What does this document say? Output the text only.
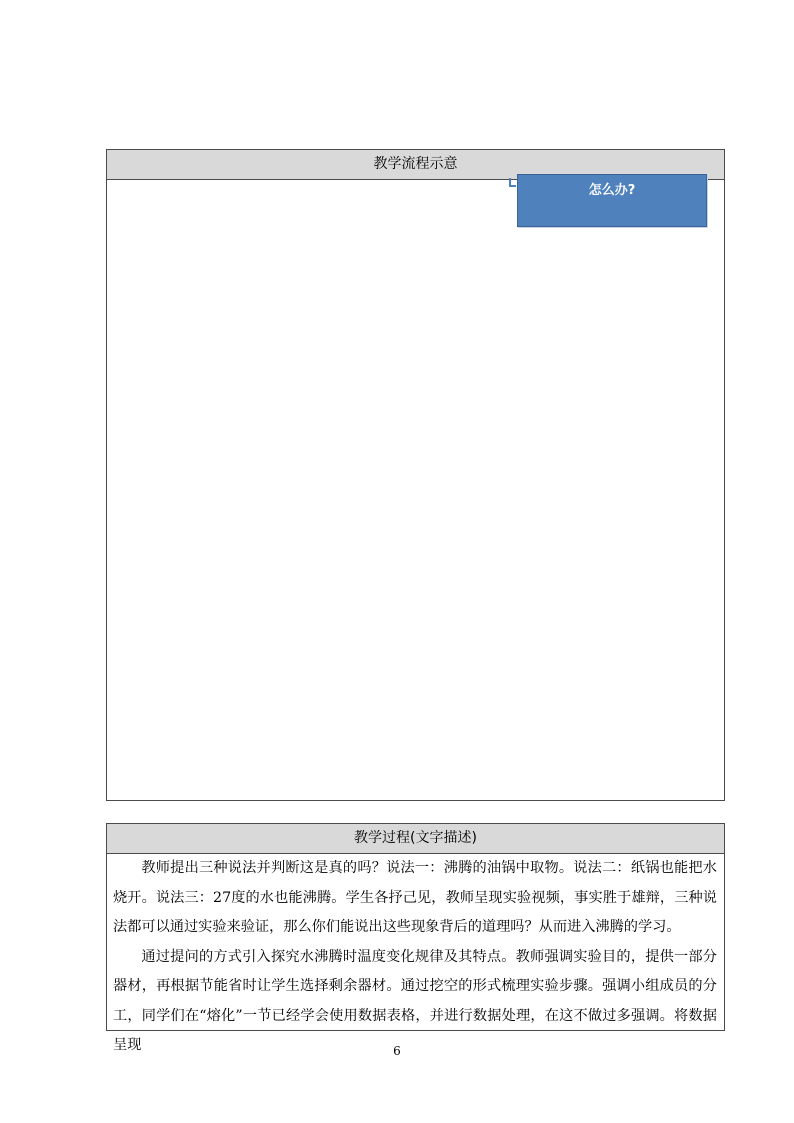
教学流程示意
怎么办?
教学过程(文字描述)

教师提出三种说法并判断这是真的吗？说法一：沸腾的油锅中取物。说法二：纸锅也能把水烧开。说法三：27度的水也能沸腾。学生各抒己见，教师呈现实验视频，事实胜于雄辩，三种说法都可以通过实验来验证，那么你们能说出这些现象背后的道理吗？从而进入沸腾的学习。

通过提问的方式引入探究水沸腾时温度变化规律及其特点。教师强调实验目的，提供一部分器材，再根据节能省时让学生选择剩余器材。通过挖空的形式梳理实验步骤。强调小组成员的分工，同学们在“熔化”一节已经学会使用数据表格，并进行数据处理，在这不做过多强调。将数据呈现	6
